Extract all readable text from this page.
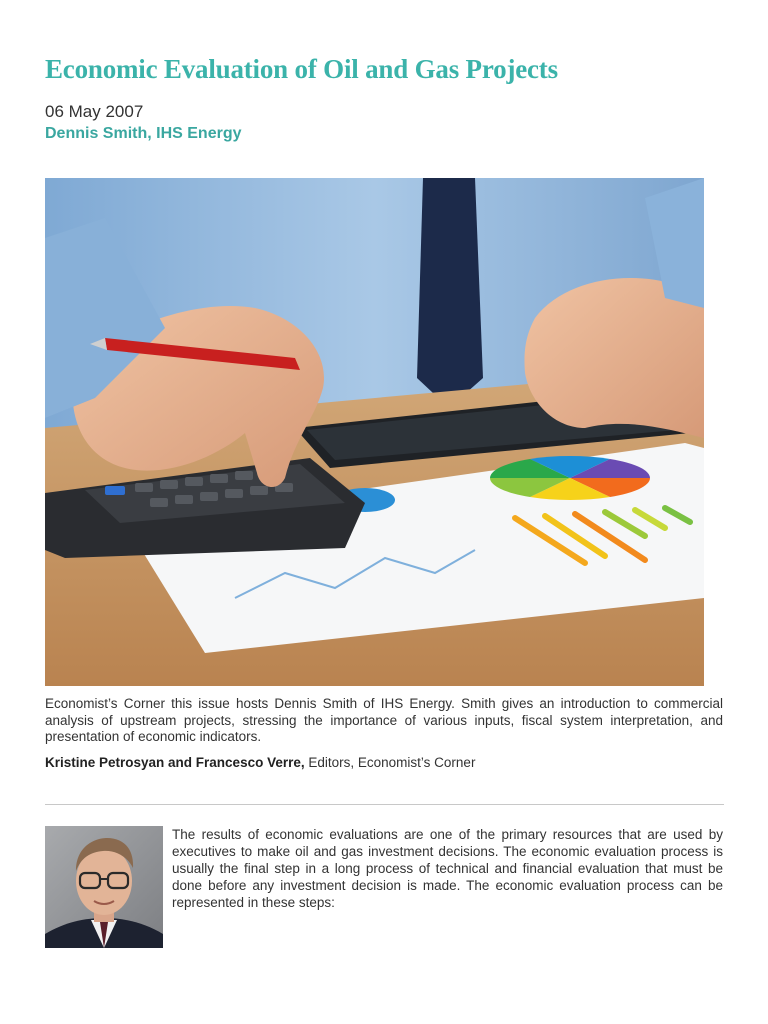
Economic Evaluation of Oil and Gas Projects
06 May 2007
Dennis Smith, IHS Energy

Economist’s Corner this issue hosts Dennis Smith of IHS Energy. Smith gives an introduction to commercial analysis of upstream projects, stressing the importance of various inputs, fiscal system interpretation, and presentation of economic indicators.

Kristine Petrosyan and Francesco Verre, Editors, Economist’s Corner

The results of economic evaluations are one of the primary resources that are used by executives to make oil and gas investment decisions. The economic evaluation process is usually the final step in a long process of technical and financial evaluation that must be done before any investment decision is made. The economic evaluation process can be represented in these steps:
